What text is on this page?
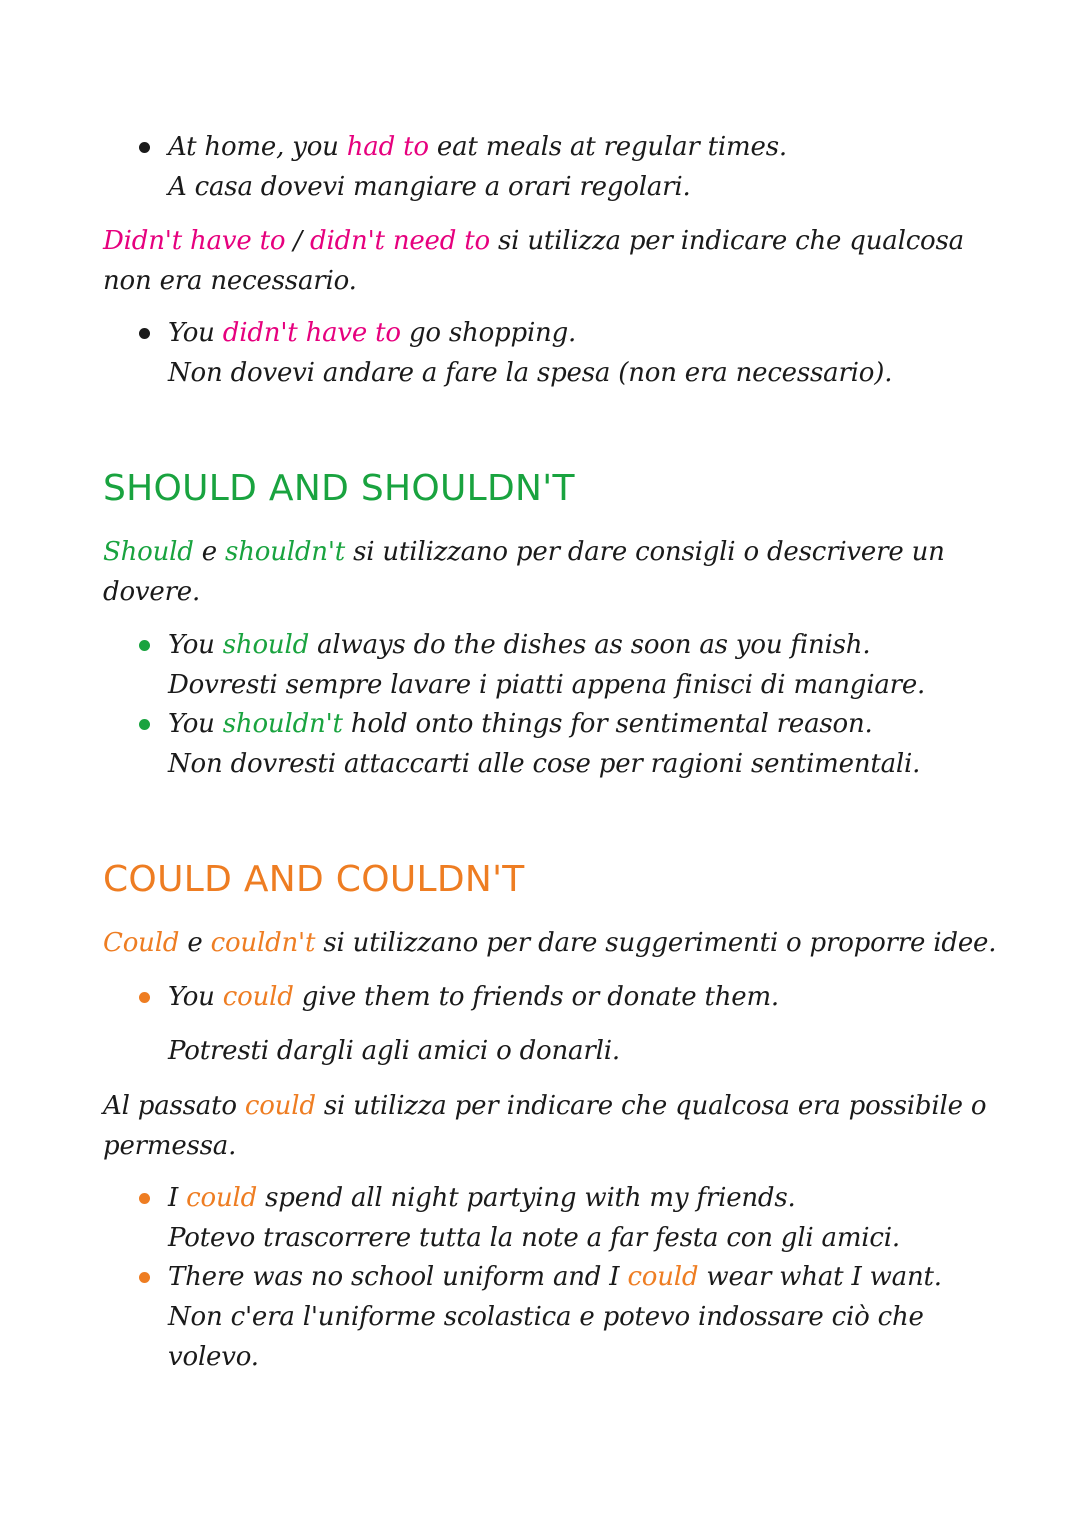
At home, you had to eat meals at regular times.
A casa dovevi mangiare a orari regolari.
Didn't have to / didn't need to si utilizza per indicare che qualcosa
non era necessario.
You didn't have to go shopping.
Non dovevi andare a fare la spesa (non era necessario).
SHOULD AND SHOULDN'T
Should e shouldn't si utilizzano per dare consigli o descrivere un
dovere.
You should always do the dishes as soon as you finish.
Dovresti sempre lavare i piatti appena finisci di mangiare.
You shouldn't hold onto things for sentimental reason.
Non dovresti attaccarti alle cose per ragioni sentimentali.
COULD AND COULDN'T
Could e couldn't si utilizzano per dare suggerimenti o proporre idee.
You could give them to friends or donate them.
Potresti dargli agli amici o donarli.
Al passato could si utilizza per indicare che qualcosa era possibile o
permessa.
I could spend all night partying with my friends.
Potevo trascorrere tutta la note a far festa con gli amici.
There was no school uniform and I could wear what I want.
Non c'era l'uniforme scolastica e potevo indossare ciò che
volevo.
